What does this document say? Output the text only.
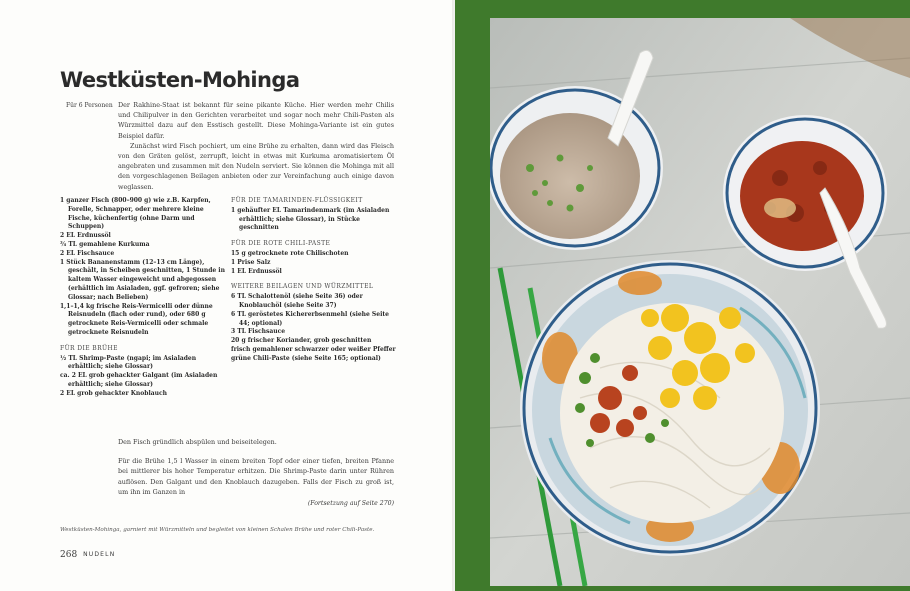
Westküsten-Mohinga
Für 6 Personen Der Rakhine-Staat ist bekannt für seine pikante Küche. Hier werden mehr Chilis und Chilipulver in den Gerichten verarbeitet und sogar noch mehr Chili-Pasten als Würzmittel dazu auf den Esstisch gestellt. Diese Mohinga-Variante ist ein gutes Beispiel dafür.

Zunächst wird Fisch pochiert, um eine Brühe zu erhalten, dann wird das Fleisch von den Gräten gelöst, zerrupft, leicht in etwas mit Kurkuma aromatisiertem Öl angebraten und zusammen mit den Nudeln serviert. Sie können die Mohinga mit all den vorgeschlagenen Beilagen anbieten oder zur Vereinfachung auch einige davon weglassen.

1 ganzer Fisch (800–900 g) wie z.B. Karpfen, Forelle, Schnapper, oder mehrere kleine Fische, küchenfertig (ohne Darm und Schuppen)
2 EL Erdnussöl
¾ TL gemahlene Kurkuma
2 EL Fischsauce
1 Stück Bananenstamm (12–13 cm Länge), geschält, in Scheiben geschnitten, 1 Stunde in kaltem Wasser eingeweicht und abgegossen (erhältlich im Asialaden, ggf. gefroren; siehe Glossar; nach Belieben)
1,1–1,4 kg frische Reis-Vermicelli oder dünne Reisnudeln (flach oder rund), oder 680 g getrocknete Reis-Vermicelli oder schmale getrocknete Reisnudeln
FÜR DIE BRÜHE
½ TL Shrimp-Paste (ngapi; im Asialaden erhältlich; siehe Glossar)
ca. 2 EL grob gehackter Galgant (im Asialaden erhältlich; siehe Glossar)
2 EL grob gehackter Knoblauch
FÜR DIE TAMARINDEN-FLÜSSIGKEIT
1 gehäufter EL Tamarindenmark (im Asialaden erhältlich; siehe Glossar), in Stücke geschnitten
FÜR DIE ROTE CHILI-PASTE
15 g getrocknete rote Chilischoten
1 Prise Salz
1 EL Erdnussöl
WEITERE BEILAGEN UND WÜRZMITTEL
6 TL Schalottenöl (siehe Seite 36) oder Knoblauchöl (siehe Seite 37)
6 TL geröstetes Kichererbsenmehl (siehe Seite 44; optional)
3 TL Fischsauce
20 g frischer Koriander, grob geschnitten
frisch gemahlener schwarzer oder weißer Pfeffer
grüne Chili-Paste (siehe Seite 165; optional)

Den Fisch gründlich abspülen und beiseitelegen.

Für die Brühe 1,5 l Wasser in einem breiten Topf oder einer tiefen, breiten Pfanne bei mittlerer bis hoher Temperatur erhitzen. Die Shrimp-Paste darin unter Rühren auflösen. Den Galgant und den Knoblauch dazugeben. Falls der Fisch zu groß ist, um ihn im Ganzen in

(Fortsetzung auf Seite 270)
Westküsten-Mohinga, garniert mit Würzmitteln und begleitet von kleinen Schalen Brühe und roter Chili-Paste.
268 NUDELN
